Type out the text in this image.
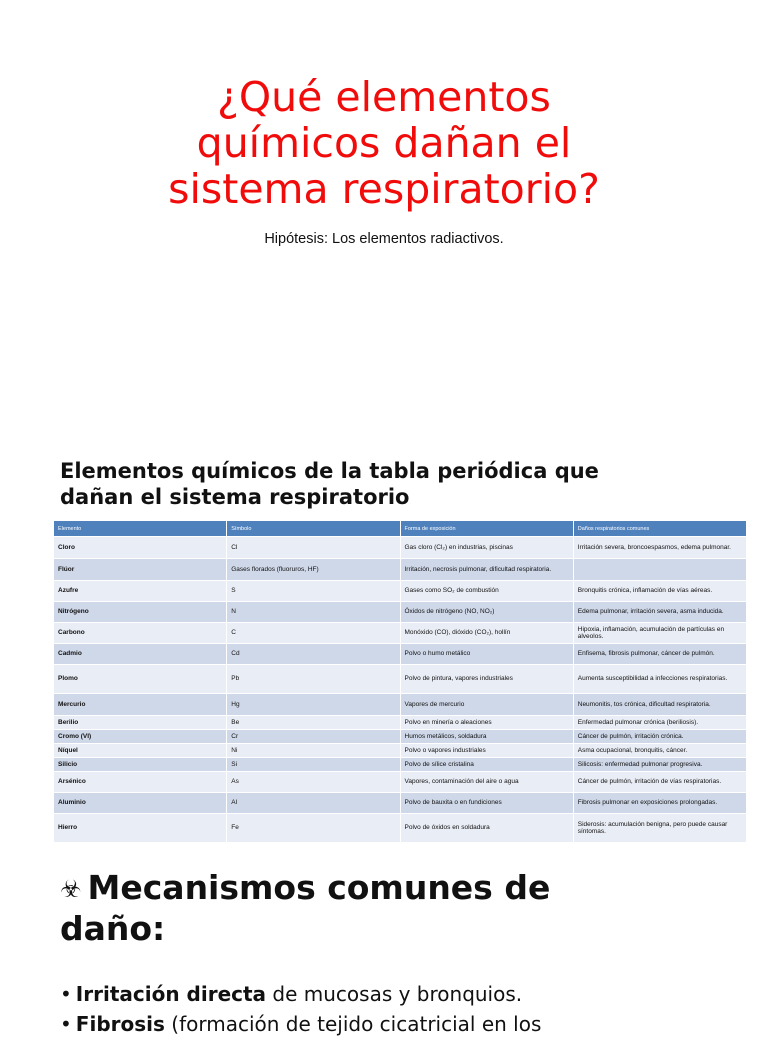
¿Qué elementos
químicos dañan el
sistema respiratorio?
Hipótesis: Los elementos radiactivos.
Elementos químicos de la tabla periódica que
dañan el sistema respiratorio
Elemento	Símbolo	Forma de exposición	Daños respiratorios comunes
Cloro	Cl	Gas cloro (Cl₂) en industrias, piscinas	Irritación severa, broncoespasmos, edema pulmonar.
Flúor	Gases florados (fluoruros, HF)	Irritación, necrosis pulmonar, dificultad respiratoria.	
Azufre	S	Gases como SO₂ de combustión	Bronquitis crónica, inflamación de vías aéreas.
Nitrógeno	N	Óxidos de nitrógeno (NO, NO₂)	Edema pulmonar, irritación severa, asma inducida.
Carbono	C	Monóxido (CO), dióxido (CO₂), hollín	Hipoxia, inflamación, acumulación de partículas en alveolos.
Cadmio	Cd	Polvo o humo metálico	Enfisema, fibrosis pulmonar, cáncer de pulmón.
Plomo	Pb	Polvo de pintura, vapores industriales	Aumenta susceptibilidad a infecciones respiratorias.
Mercurio	Hg	Vapores de mercurio	Neumonitis, tos crónica, dificultad respiratoria.
Berilio	Be	Polvo en minería o aleaciones	Enfermedad pulmonar crónica (beriliosis).
Cromo (VI)	Cr	Humos metálicos, soldadura	Cáncer de pulmón, irritación crónica.
Níquel	Ni	Polvo o vapores industriales	Asma ocupacional, bronquitis, cáncer.
Silicio	Si	Polvo de sílice cristalina	Silicosis: enfermedad pulmonar progresiva.
Arsénico	As	Vapores, contaminación del aire o agua	Cáncer de pulmón, irritación de vías respiratorias.
Aluminio	Al	Polvo de bauxita o en fundiciones	Fibrosis pulmonar en exposiciones prolongadas.
Hierro	Fe	Polvo de óxidos en soldadura	Siderosis: acumulación benigna, pero puede causar síntomas.
☣ Mecanismos comunes de
daño:
• Irritación directa de mucosas y bronquios.
• Fibrosis (formación de tejido cicatricial en los
